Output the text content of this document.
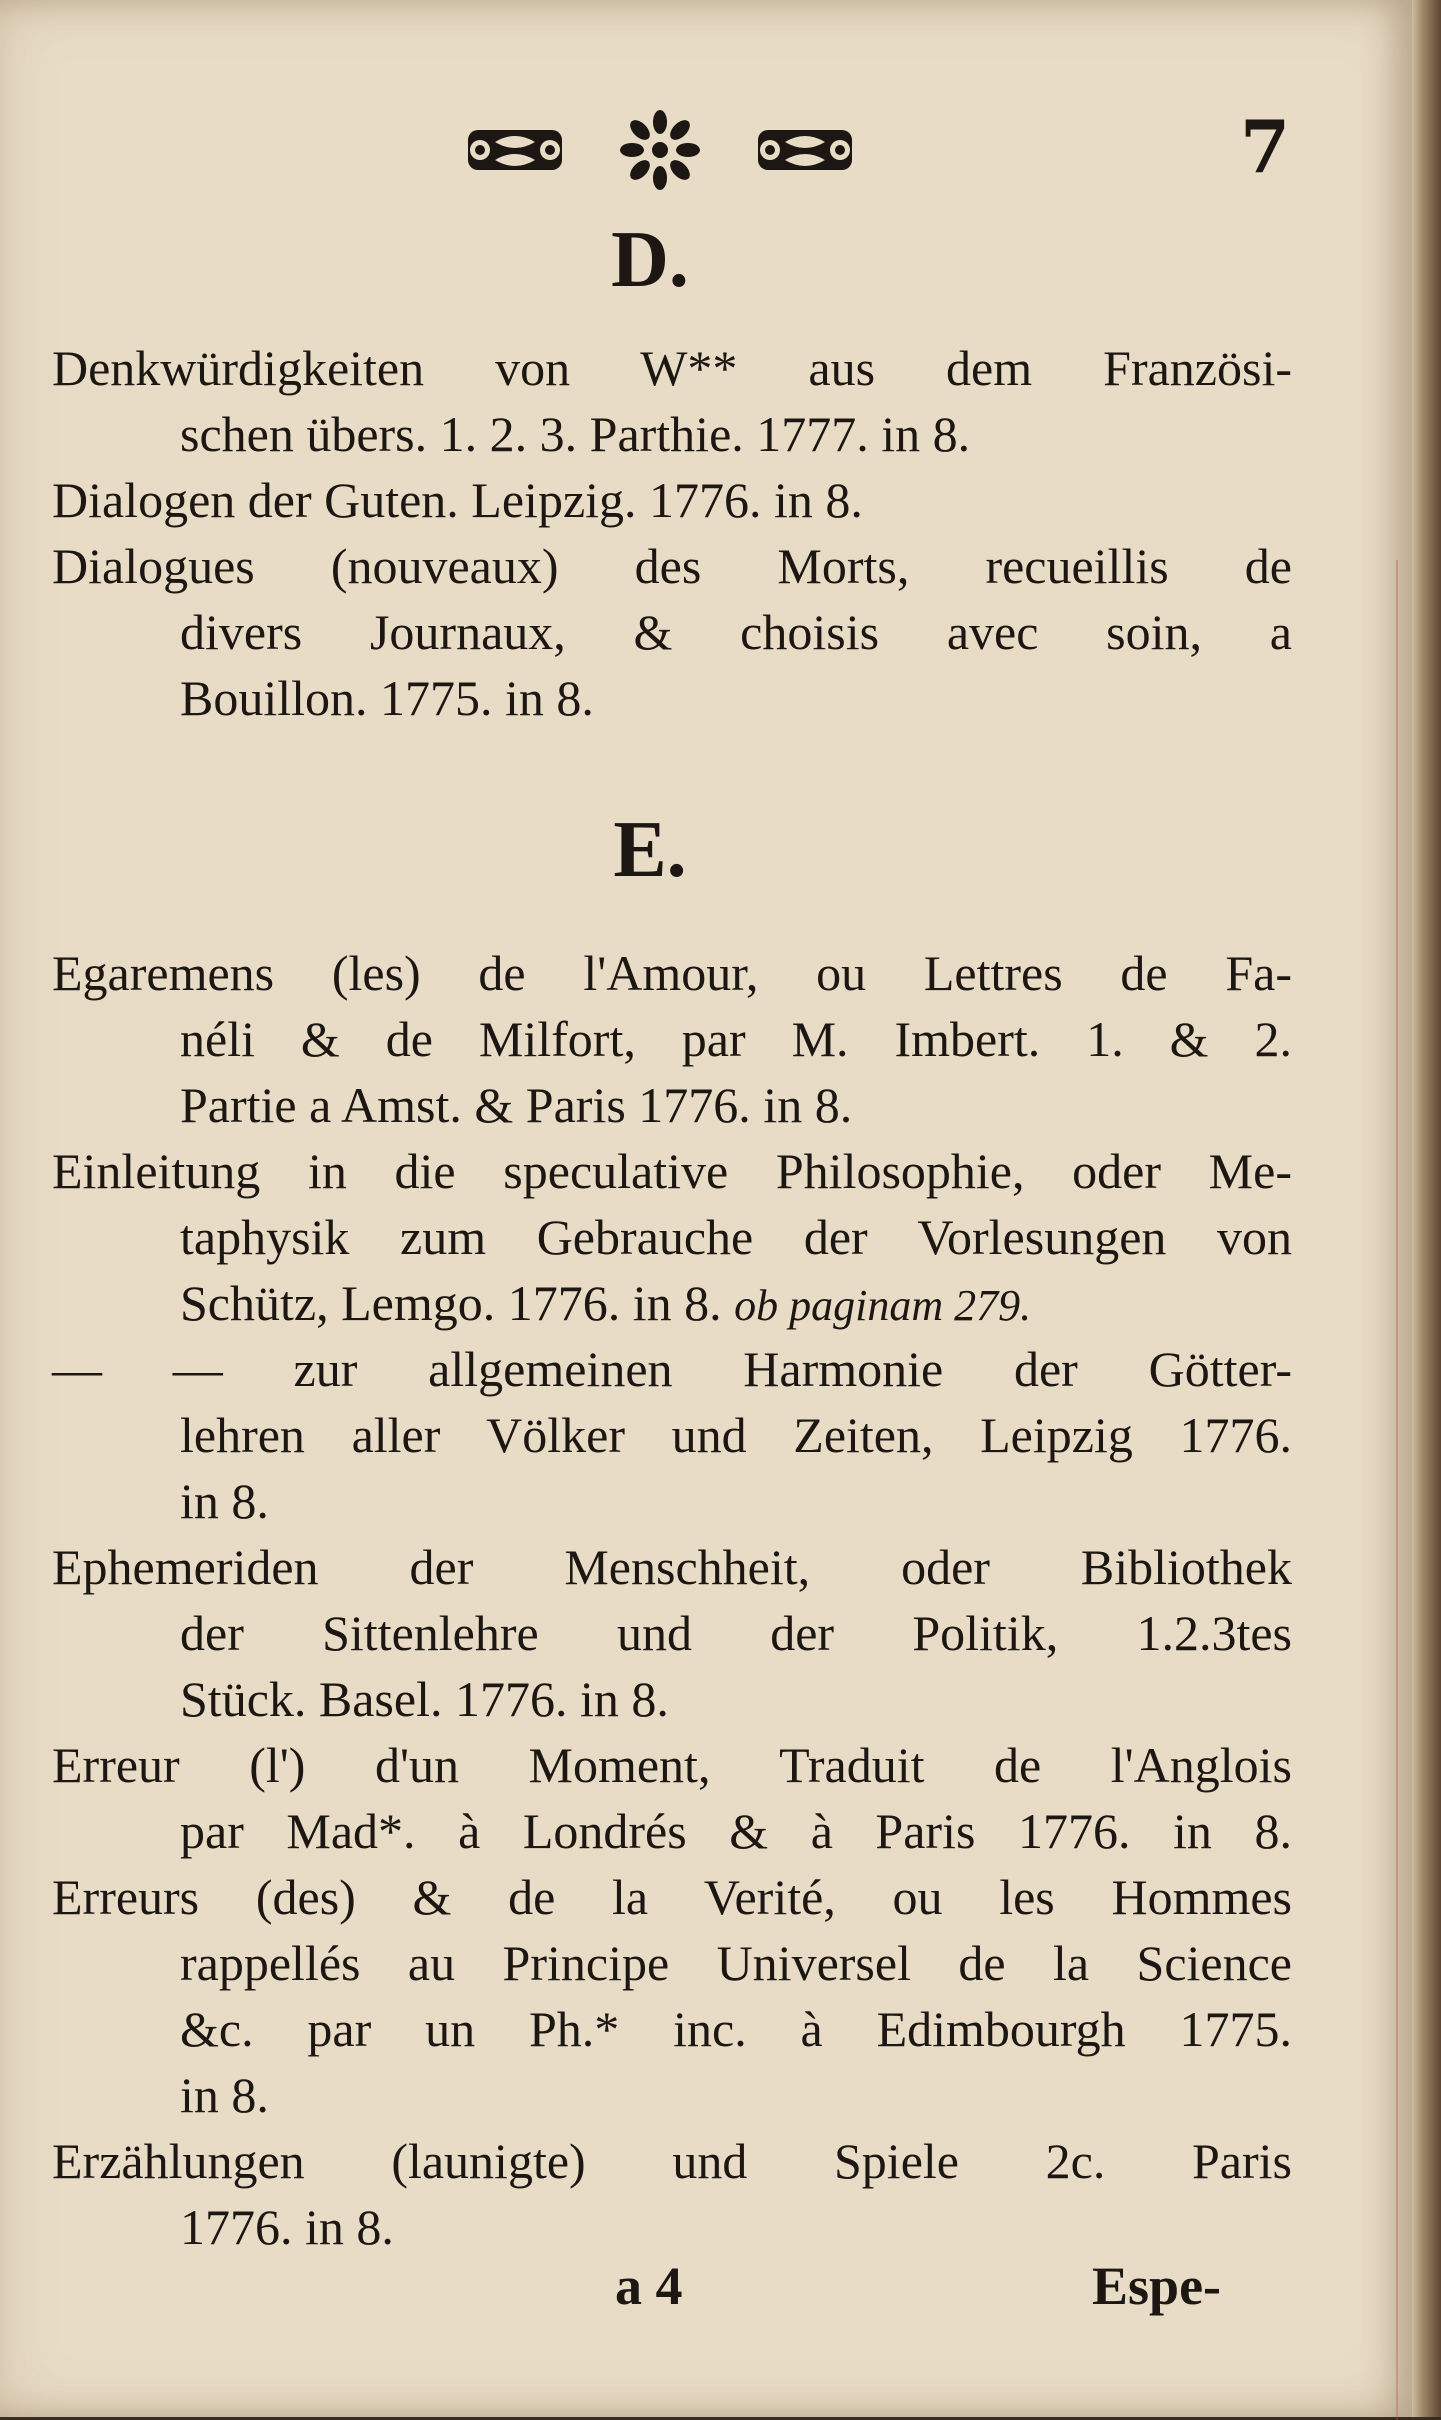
7
D.
Denkwürdigkeiten von W** aus dem Französi-
schen übers. 1. 2. 3. Parthie. 1777. in 8.
Dialogen der Guten. Leipzig. 1776. in 8.
Dialogues (nouveaux) des Morts, recueillis de
divers Journaux, & choisis avec soin, a
Bouillon. 1775. in 8.
E.
Egaremens (les) de l'Amour, ou Lettres de Fa-
néli & de Milfort, par M. Imbert. 1. & 2.
Partie a Amst. & Paris 1776. in 8.
Einleitung in die speculative Philosophie, oder Me-
taphysik zum Gebrauche der Vorlesungen von
Schütz, Lemgo. 1776. in 8. ob paginam 279.
— — zur allgemeinen Harmonie der Götter-
lehren aller Völker und Zeiten, Leipzig 1776.
in 8.
Ephemeriden der Menschheit, oder Bibliothek
der Sittenlehre und der Politik, 1.2.3tes
Stück. Basel. 1776. in 8.
Erreur (l') d'un Moment, Traduit de l'Anglois
par Mad*. à Londrés & à Paris 1776. in 8.
Erreurs (des) & de la Verité, ou les Hommes
rappellés au Principe Universel de la Science
&c. par un Ph.* inc. à Edimbourgh 1775.
in 8.
Erzählungen (launigte) und Spiele 2c. Paris
1776. in 8.
a 4	Espe-
